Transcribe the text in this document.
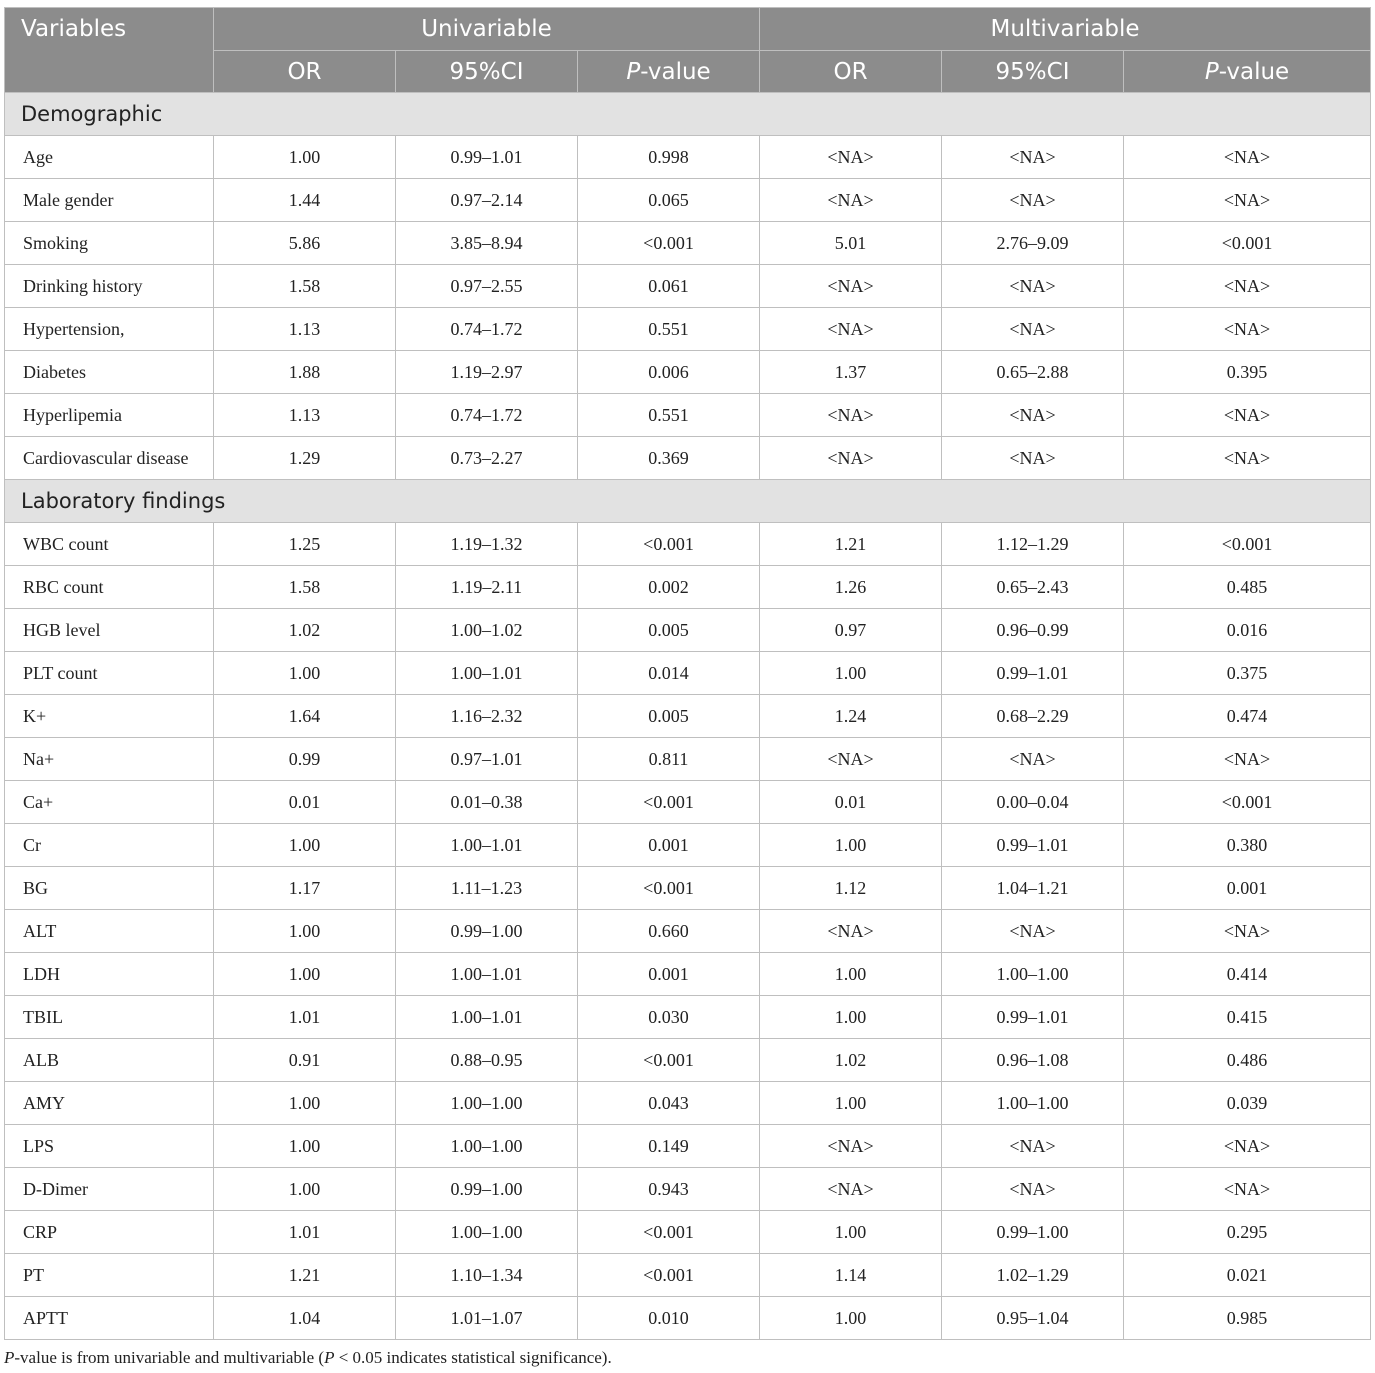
Variables	Univariable			Multivariable		
	OR	95%CI	P-value	OR	95%CI	P-value
Demographic						
Age	1.00	0.99–1.01	0.998	<NA>	<NA>	<NA>
Male gender	1.44	0.97–2.14	0.065	<NA>	<NA>	<NA>
Smoking	5.86	3.85–8.94	<0.001	5.01	2.76–9.09	<0.001
Drinking history	1.58	0.97–2.55	0.061	<NA>	<NA>	<NA>
Hypertension,	1.13	0.74–1.72	0.551	<NA>	<NA>	<NA>
Diabetes	1.88	1.19–2.97	0.006	1.37	0.65–2.88	0.395
Hyperlipemia	1.13	0.74–1.72	0.551	<NA>	<NA>	<NA>
Cardiovascular disease	1.29	0.73–2.27	0.369	<NA>	<NA>	<NA>
Laboratory findings						
WBC count	1.25	1.19–1.32	<0.001	1.21	1.12–1.29	<0.001
RBC count	1.58	1.19–2.11	0.002	1.26	0.65–2.43	0.485
HGB level	1.02	1.00–1.02	0.005	0.97	0.96–0.99	0.016
PLT count	1.00	1.00–1.01	0.014	1.00	0.99–1.01	0.375
K+	1.64	1.16–2.32	0.005	1.24	0.68–2.29	0.474
Na+	0.99	0.97–1.01	0.811	<NA>	<NA>	<NA>
Ca+	0.01	0.01–0.38	<0.001	0.01	0.00–0.04	<0.001
Cr	1.00	1.00–1.01	0.001	1.00	0.99–1.01	0.380
BG	1.17	1.11–1.23	<0.001	1.12	1.04–1.21	0.001
ALT	1.00	0.99–1.00	0.660	<NA>	<NA>	<NA>
LDH	1.00	1.00–1.01	0.001	1.00	1.00–1.00	0.414
TBIL	1.01	1.00–1.01	0.030	1.00	0.99–1.01	0.415
ALB	0.91	0.88–0.95	<0.001	1.02	0.96–1.08	0.486
AMY	1.00	1.00–1.00	0.043	1.00	1.00–1.00	0.039
LPS	1.00	1.00–1.00	0.149	<NA>	<NA>	<NA>
D-Dimer	1.00	0.99–1.00	0.943	<NA>	<NA>	<NA>
CRP	1.01	1.00–1.00	<0.001	1.00	0.99–1.00	0.295
PT	1.21	1.10–1.34	<0.001	1.14	1.02–1.29	0.021
APTT	1.04	1.01–1.07	0.010	1.00	0.95–1.04	0.985
P-value is from univariable and multivariable (P < 0.05 indicates statistical significance).
